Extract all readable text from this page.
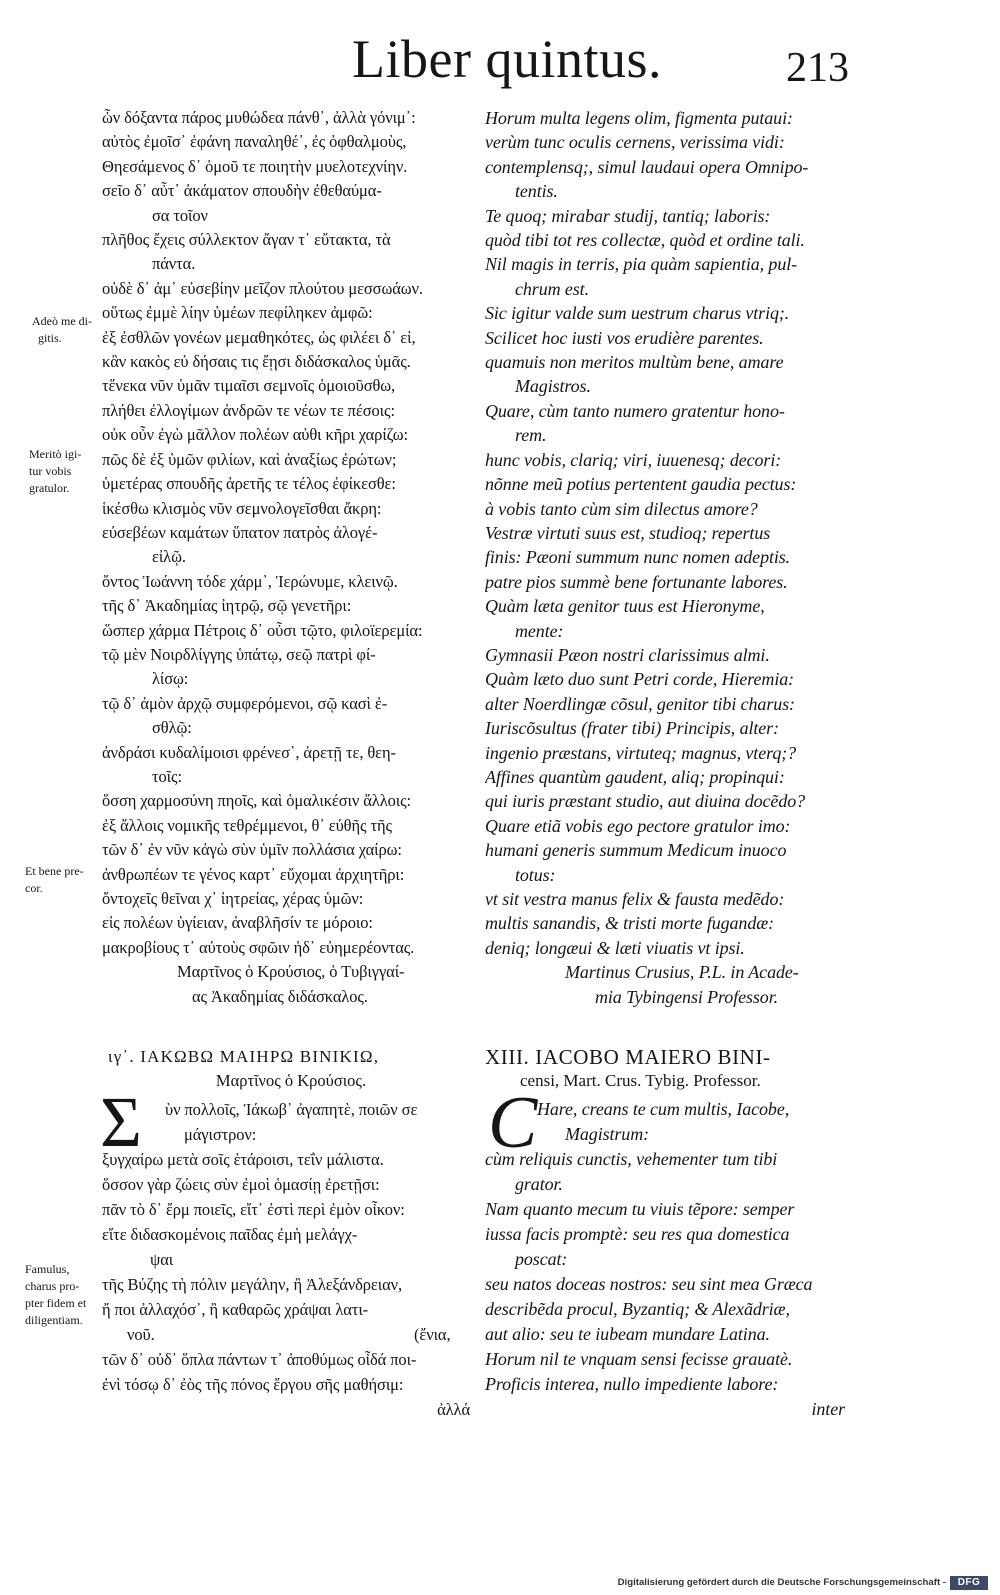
Liber quintus.	213
ὧν δόξαντα πάρος μυθώδεα πάνθ᾽, ἀλλὰ γόνιμ᾽:
αὐτὸς ἐμοῖσ᾽ ἐφάνη παναληθέ᾽, ἐς ὀφθαλμοὺς,
Θηεσάμενος δ᾽ ὁμοῦ τε ποιητὴν μυελοτεχνίην.
σεῖο δ᾽ αὖτ᾽ ἀκάματον σπουδὴν ἐθεθαύμα-
σα τοῖον
πλῆθος ἔχεις σύλλεκτον ἄγαν τ᾽ εὔτακτα, τὰ
πάντα.
οὐδὲ δ᾽ ἀμ᾽ εὐσεβίην μεῖζον πλούτου μεσσωάων.
οὕτως ἐμμὲ λίην ὑμέων πεφίληκεν ἀμφῶ:
ἐξ ἐσθλῶν γονέων μεμαθηκότες, ὡς φιλέει δ᾽ εἰ,
κἂν κακὸς εὐ δήσαις τις ἔῃσι διδάσκαλος ὑμᾶς.
τἕνεκα νῦν ὑμᾶν τιμαῖσι σεμνοῖς ὁμοιοῦσθω,
πλήθει ἐλλογίμων ἀνδρῶν τε νέων τε πέσοις:
οὐκ οὖν ἐγὼ μᾶλλον πολέων αὐθι κῆρι χαρίζω:
πῶς δὲ ἐξ ὑμῶν φιλίων, καὶ ἀναξίως ἐρώτων;
ὑμετέρας σπουδῆς ἀρετῆς τε τέλος ἐφίκεσθε:
ἱκέσθω κλισμὸς νῦν σεμνολογεῖσθαι ἄκρη:
εὐσεβέων καμάτων ὕπατον πατρὸς ἀλογέ-
εἰλῷ.
ὄντος Ἰωάννη τόδε χάρμ᾽, Ἱερώνυμε, κλεινῷ.
τῆς δ᾽ Ἀκαδημίας ἰητρῷ, σῷ γενετῆρι:
ὥσπερ χάρμα Πέτροις δ᾽ οὖσι τῷτο, φιλοϊερεμία:
τῷ μὲν Νοιρδλίγγης ὑπάτῳ, σεῷ πατρὶ φί-
λίσῳ:
τῷ δ᾽ ἀμὸν ἀρχῷ συμφερόμενοι, σῷ κασὶ ἐ-
σθλῷ:
ἀνδράσι κυδαλίμοισι φρένεσ᾽, ἀρετῇ τε, θεη-
τοῖς:
ὅσση χαρμοσύνη πηοῖς, καὶ ὁμαλικέσιν ἄλλοις:
ἐξ ἄλλοις νομικῆς τεθρέμμενοι, θ᾽ εὐθῆς τῆς
τῶν δ᾽ ἐν νῦν κἀγὼ σὺν ὑμῖν πολλάσια χαίρω:
ἀνθρωπέων τε γένος καρτ᾽ εὔχομαι ἀρχιητῆρι:
ὄντοχεῖς θεῖναι χ᾽ ἰητρείας, χέρας ὑμῶν:
εἰς πολέων ὑγίειαν, ἀναβλῆσίν τε μόροιο:
μακροβίους τ᾽ αὐτοὺς σφῶιν ἠδ᾽ εὐημερέοντας.
Μαρτῖνος ὁ Κρούσιος, ὁ Τυβιγγαί-
ας Ἀκαδημίας διδάσκαλος.
Horum multa legens olim, figmenta putaui:
verùm tunc oculis cernens, verissima vidi:
contemplensq;, simul laudaui opera Omnipo-
tentis.
Te quoq; mirabar studij, tantiq; laboris:
quòd tibi tot res collectæ, quòd et ordine tali.
Nil magis in terris, pia quàm sapientia, pul-
chrum est.
Sic igitur valde sum uestrum charus vtriq;.
Scilicet hoc iusti vos erudière parentes.
quamuis non meritos multùm bene, amare
Magistros.
Quare, cùm tanto numero gratentur hono-
rem.
hunc vobis, clariq; viri, iuuenesq; decori:
nõnne meũ potius pertentent gaudia pectus:
à vobis tanto cùm sim dilectus amore?
Vestræ virtuti suus est, studioq; repertus
finis: Pæoni summum nunc nomen adeptis.
patre pios summè bene fortunante labores.
Quàm læta genitor tuus est Hieronyme,
mente:
Gymnasii Pæon nostri clarissimus almi.
Quàm læto duo sunt Petri corde, Hieremia:
alter Noerdlingæ cõsul, genitor tibi charus:
Iuriscõsultus (frater tibi) Principis, alter:
ingenio præstans, virtuteq; magnus, vterq;?
Affines quantùm gaudent, aliq; propinqui:
qui iuris præstant studio, aut diuina docẽdo?
Quare etiã vobis ego pectore gratulor imo:
humani generis summum Medicum inuoco
totus:
vt sit vestra manus felix & fausta medẽdo:
multis sanandis, & tristi morte fugandæ:
deniq; longæui & læti viuatis vt ipsi.
Martinus Crusius, P.L. in Acade-
mia Tybingensi Professor.
ιγ᾽. ΙΑΚΩΒΩ ΜΑΙΗΡΩ ΒΙΝΙΚΙΩ,
Μαρτῖνος ὁ Κρούσιος.
XIII. IACOBO MAIERO BINI-
censi, Mart. Crus. Tybig. Professor.
Σ	C
ὺν πολλοῖς, Ἰάκωβ᾽ ἀγαπητὲ, ποιῶν σε
μάγιστρον:
ξυγχαίρω μετὰ σοῖς ἑτάροισι, τεΐν μάλιστα.
ὅσσον γὰρ ζώεις σὺν ἐμοὶ ὁμασίῃ ἐρετῇσι:
πᾶν τὸ δ᾽ ἔρμ ποιεῖς, εἴτ᾽ ἐστὶ περὶ ἐμὸν οἶκον:
εἴτε διδασκομένοις παῖδας ἐμὴ μελάγχ-
ψαι
τῆς Βύζης τὴ πόλιν μεγάλην, ἢ Ἀλεξάνδρειαν,
ἤ ποι ἀλλαχόσ᾽, ἢ καθαρῶς χράψαι λατι-
νοῦ.	(ἔνια,
τῶν δ᾽ οὐδ᾽ ὅπλα πάντων τ᾽ ἀποθύμως οἶδά ποι-
ἐνὶ τόσῳ δ᾽ ἐὸς τῆς πόνος ἔργου σῆς μαθήσιμ:
ἀλλά
Hare, creans te cum multis, Iacobe,
Magistrum:
cùm reliquis cunctis, vehementer tum tibi
grator.
Nam quanto mecum tu viuis tẽpore: semper
iussa facis promptè: seu res qua domestica
poscat:
seu natos doceas nostros: seu sint mea Græca
describẽda procul, Byzantiq; & Alexãdriæ,
aut alio: seu te iubeam mundare Latina.
Horum nil te vnquam sensi fecisse grauatè.
Proficis interea, nullo impediente labore:
inter
Adeò me di-
gitis.
Meritò igi-
tur vobis
gratulor.
Et bene pre-
cor.
Famulus,
charus pro-
pter fidem et
diligentiam.
Digitalisierung gefördert durch die Deutsche Forschungsgemeinschaft -	DFG
